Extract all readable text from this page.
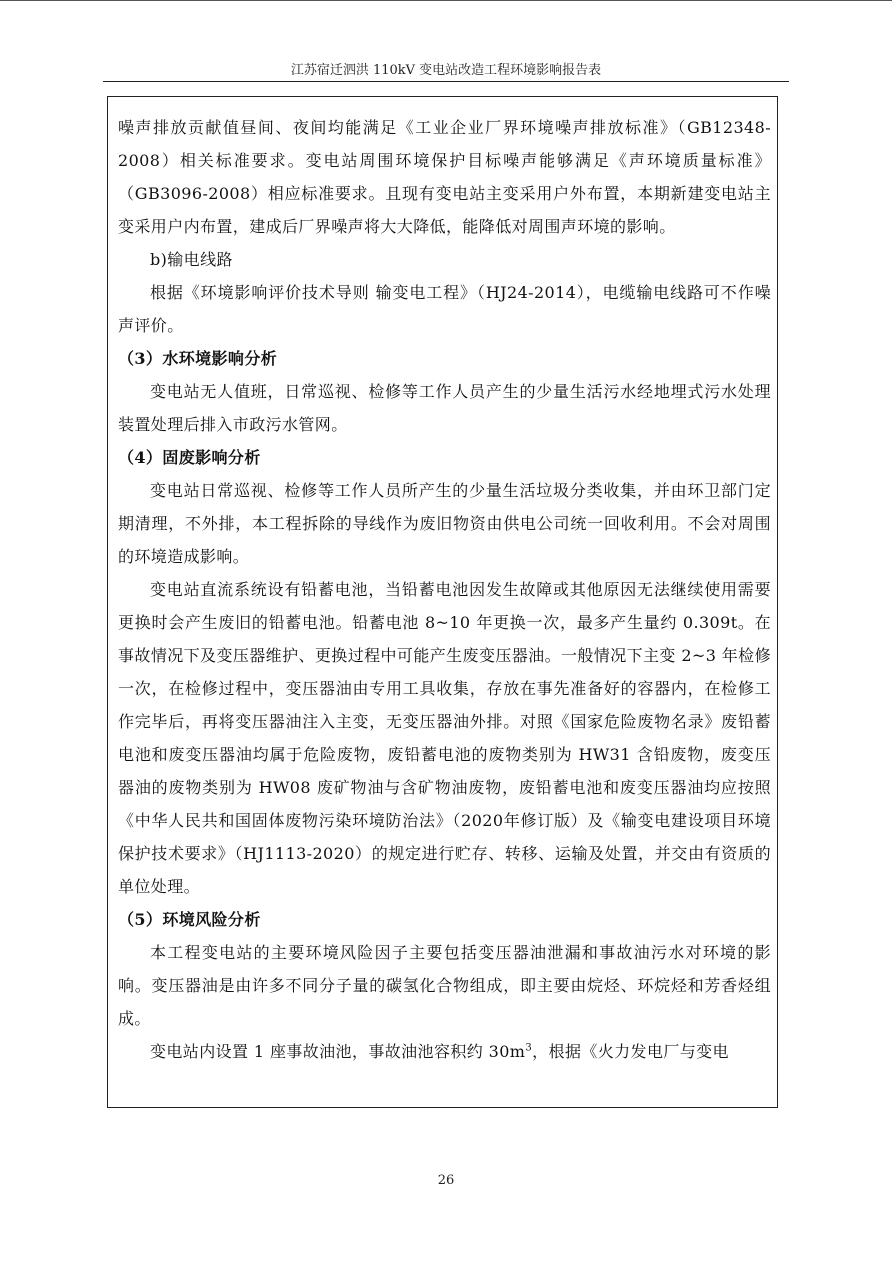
江苏宿迁泗洪 110kV 变电站改造工程环境影响报告表

噪声排放贡献值昼间、夜间均能满足《工业企业厂界环境噪声排放标准》（GB12348-2008）相关标准要求。变电站周围环境保护目标噪声能够满足《声环境质量标准》（GB3096-2008）相应标准要求。且现有变电站主变采用户外布置，本期新建变电站主变采用户内布置，建成后厂界噪声将大大降低，能降低对周围声环境的影响。

b)输电线路

根据《环境影响评价技术导则 输变电工程》（HJ24-2014），电缆输电线路可不作噪声评价。

（3）水环境影响分析

变电站无人值班，日常巡视、检修等工作人员产生的少量生活污水经地埋式污水处理装置处理后排入市政污水管网。

（4）固废影响分析

变电站日常巡视、检修等工作人员所产生的少量生活垃圾分类收集，并由环卫部门定期清理，不外排，本工程拆除的导线作为废旧物资由供电公司统一回收利用。不会对周围的环境造成影响。

变电站直流系统设有铅蓄电池，当铅蓄电池因发生故障或其他原因无法继续使用需要更换时会产生废旧的铅蓄电池。铅蓄电池 8~10 年更换一次，最多产生量约 0.309t。在事故情况下及变压器维护、更换过程中可能产生废变压器油。一般情况下主变 2~3 年检修一次，在检修过程中，变压器油由专用工具收集，存放在事先准备好的容器内，在检修工作完毕后，再将变压器油注入主变，无变压器油外排。对照《国家危险废物名录》废铅蓄电池和废变压器油均属于危险废物，废铅蓄电池的废物类别为 HW31 含铅废物，废变压器油的废物类别为 HW08 废矿物油与含矿物油废物，废铅蓄电池和废变压器油均应按照《中华人民共和国固体废物污染环境防治法》（2020年修订版）及《输变电建设项目环境保护技术要求》（HJ1113-2020）的规定进行贮存、转移、运输及处置，并交由有资质的单位处理。

（5）环境风险分析

本工程变电站的主要环境风险因子主要包括变压器油泄漏和事故油污水对环境的影响。变压器油是由许多不同分子量的碳氢化合物组成，即主要由烷烃、环烷烃和芳香烃组成。

变电站内设置 1 座事故油池，事故油池容积约 $30m^3$，根据《火力发电厂与变电

26
